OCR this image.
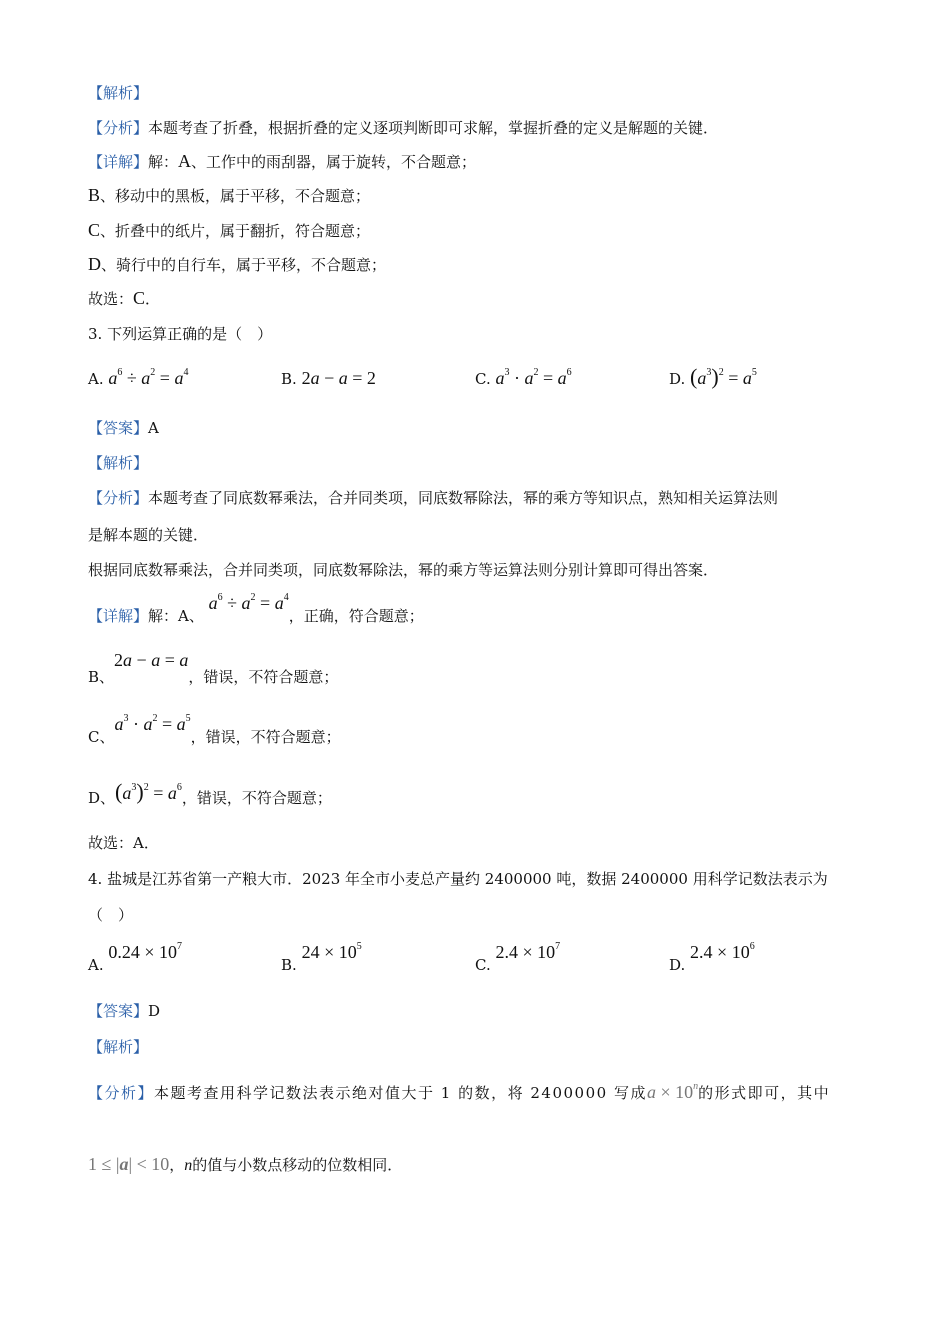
【解析】
【分析】本题考查了折叠，根据折叠的定义逐项判断即可求解，掌握折叠的定义是解题的关键．
【详解】解：A、工作中的雨刮器，属于旋转，不合题意；
B、移动中的黑板，属于平移，不合题意；
C、折叠中的纸片，属于翻折，符合题意；
D、骑行中的自行车，属于平移，不合题意；
故选：C．
3. 下列运算正确的是（　）
A. $a^6 \div a^2 = a^4$	B. 2a − a = 2	C. $a^3 \cdot a^2 = a^6$	D. $(a^3)^2 = a^5$
【答案】A
【解析】
【分析】本题考查了同底数幂乘法，合并同类项，同底数幂除法，幂的乘方等知识点，熟知相关运算法则
是解本题的关键．
根据同底数幂乘法，合并同类项，同底数幂除法，幂的乘方等运算法则分别计算即可得出答案．
【详解】解：A、 $a^6 \div a^2 = a^4$，正确，符合题意；
B、2a − a = a，错误，不符合题意；
C、$a^3 \cdot a^2 = a^5$，错误，不符合题意；
D、$(a^3)^2 = a^6$，错误，不符合题意；
故选：A．
4. 盐城是江苏省第一产粮大市．2023 年全市小麦总产量约 2400000 吨，数据 2400000 用科学记数法表示为
（　）
A. $0.24 \times 10^7$
B. $24 \times 10^5$
C. $2.4 \times 10^7$
D. $2.4 \times 10^6$
【答案】D
【解析】
【分析】本题考查用科学记数法表示绝对值大于 1 的数，将 2400000 写成$a \times 10^n$的形式即可，其中
1 ≤ |a| < 10，n的值与小数点移动的位数相同．
